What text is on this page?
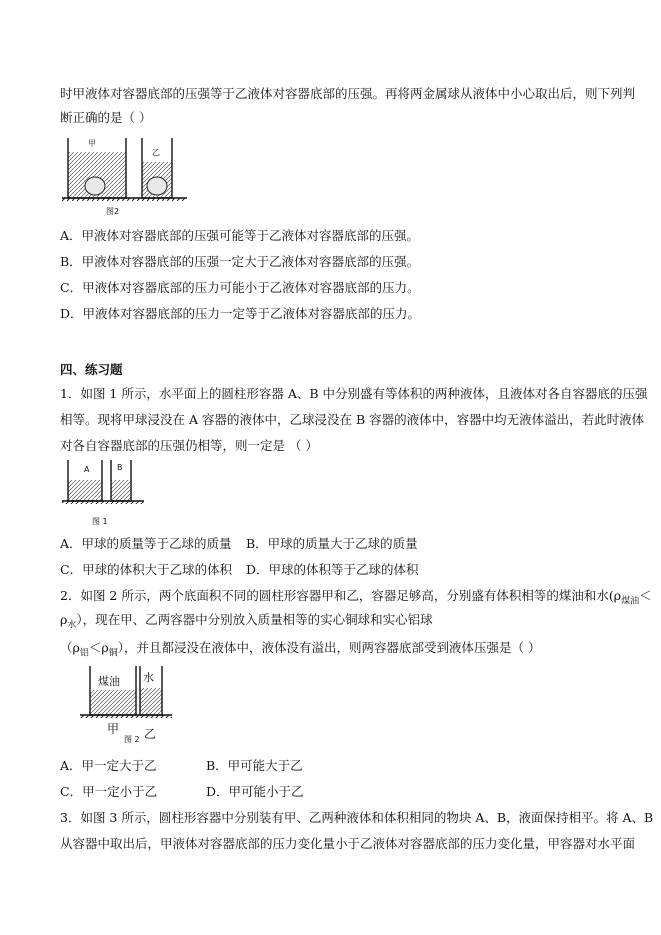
时甲液体对容器底部的压强等于乙液体对容器底部的压强。再将两金属球从液体中小心取出后，则下列判
断正确的是（ ）
甲
乙
图2
A．甲液体对容器底部的压强可能等于乙液体对容器底部的压强。
B．甲液体对容器底部的压强一定大于乙液体对容器底部的压强。
C．甲液体对容器底部的压力可能小于乙液体对容器底部的压力。
D．甲液体对容器底部的压力一定等于乙液体对容器底部的压力。
四、练习题
1．如图 1 所示，水平面上的圆柱形容器 A、B 中分别盛有等体积的两种液体，且液体对各自容器底的压强
相等。现将甲球浸没在 A 容器的液体中，乙球浸没在 B 容器的液体中，容器中均无液体溢出，若此时液体
对各自容器底部的压强仍相等，则一定是 （ ）
A	B
图 1
A．甲球的质量等于乙球的质量 B．甲球的质量大于乙球的质量
C．甲球的体积大于乙球的体积 D．甲球的体积等于乙球的体积
2．如图 2 所示，两个底面积不同的圆柱形容器甲和乙，容器足够高，分别盛有体积相等的煤油和水($\rho_{煤油}<$
$\rho_水$），现在甲、乙两容器中分别放入质量相等的实心铜球和实心铝球
$(\rho_铝<\rho_铜)$，并且都浸没在液体中，液体没有溢出，则两容器底部受到液体压强是（ ）
煤油 水
甲 乙
图 2
A．甲一定大于乙	B．甲可能大于乙
C．甲一定小于乙	D．甲可能小于乙
3．如图 3 所示，圆柱形容器中分别装有甲、乙两种液体和体积相同的物块 A、B，液面保持相平。将 A、B
从容器中取出后，甲液体对容器底部的压力变化量小于乙液体对容器底部的压力变化量，甲容器对水平面
